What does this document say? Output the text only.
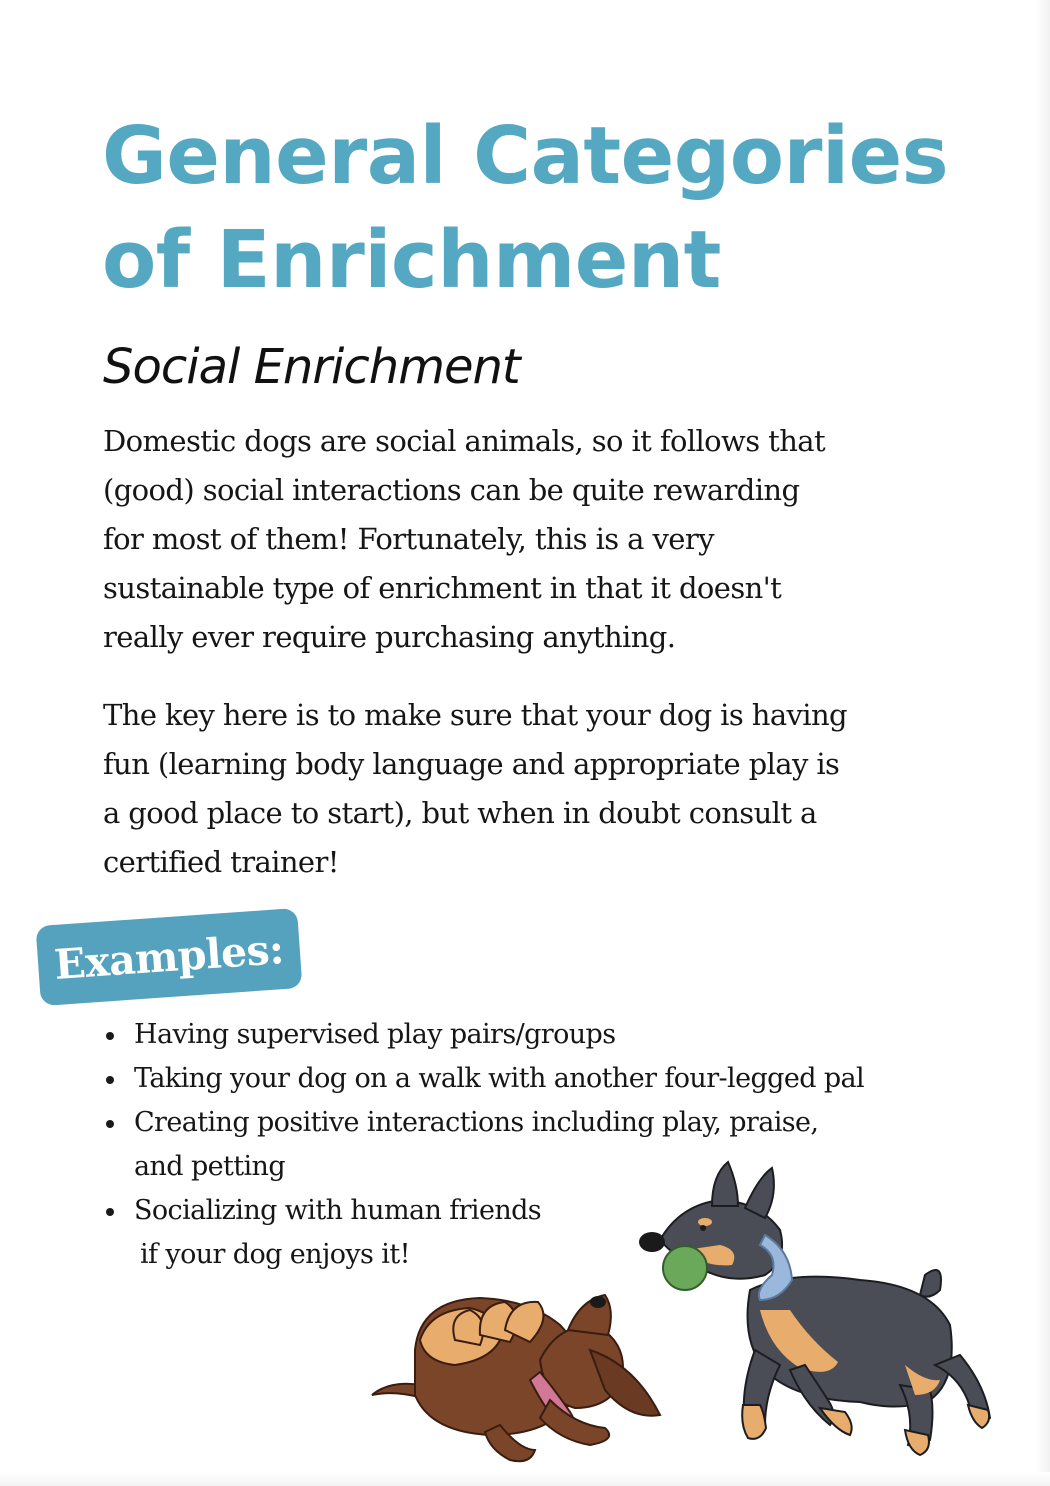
General Categories
of Enrichment
Social Enrichment

Domestic dogs are social animals, so it follows that
(good) social interactions can be quite rewarding
for most of them! Fortunately, this is a very
sustainable type of enrichment in that it doesn't
really ever require purchasing anything.

The key here is to make sure that your dog is having
fun (learning body language and appropriate play is
a good place to start), but when in doubt consult a
certified trainer!

Examples:
Having supervised play pairs/groups
Taking your dog on a walk with another four-legged pal
Creating positive interactions including play, praise,
and petting
Socializing with human friends
if your dog enjoys it!
